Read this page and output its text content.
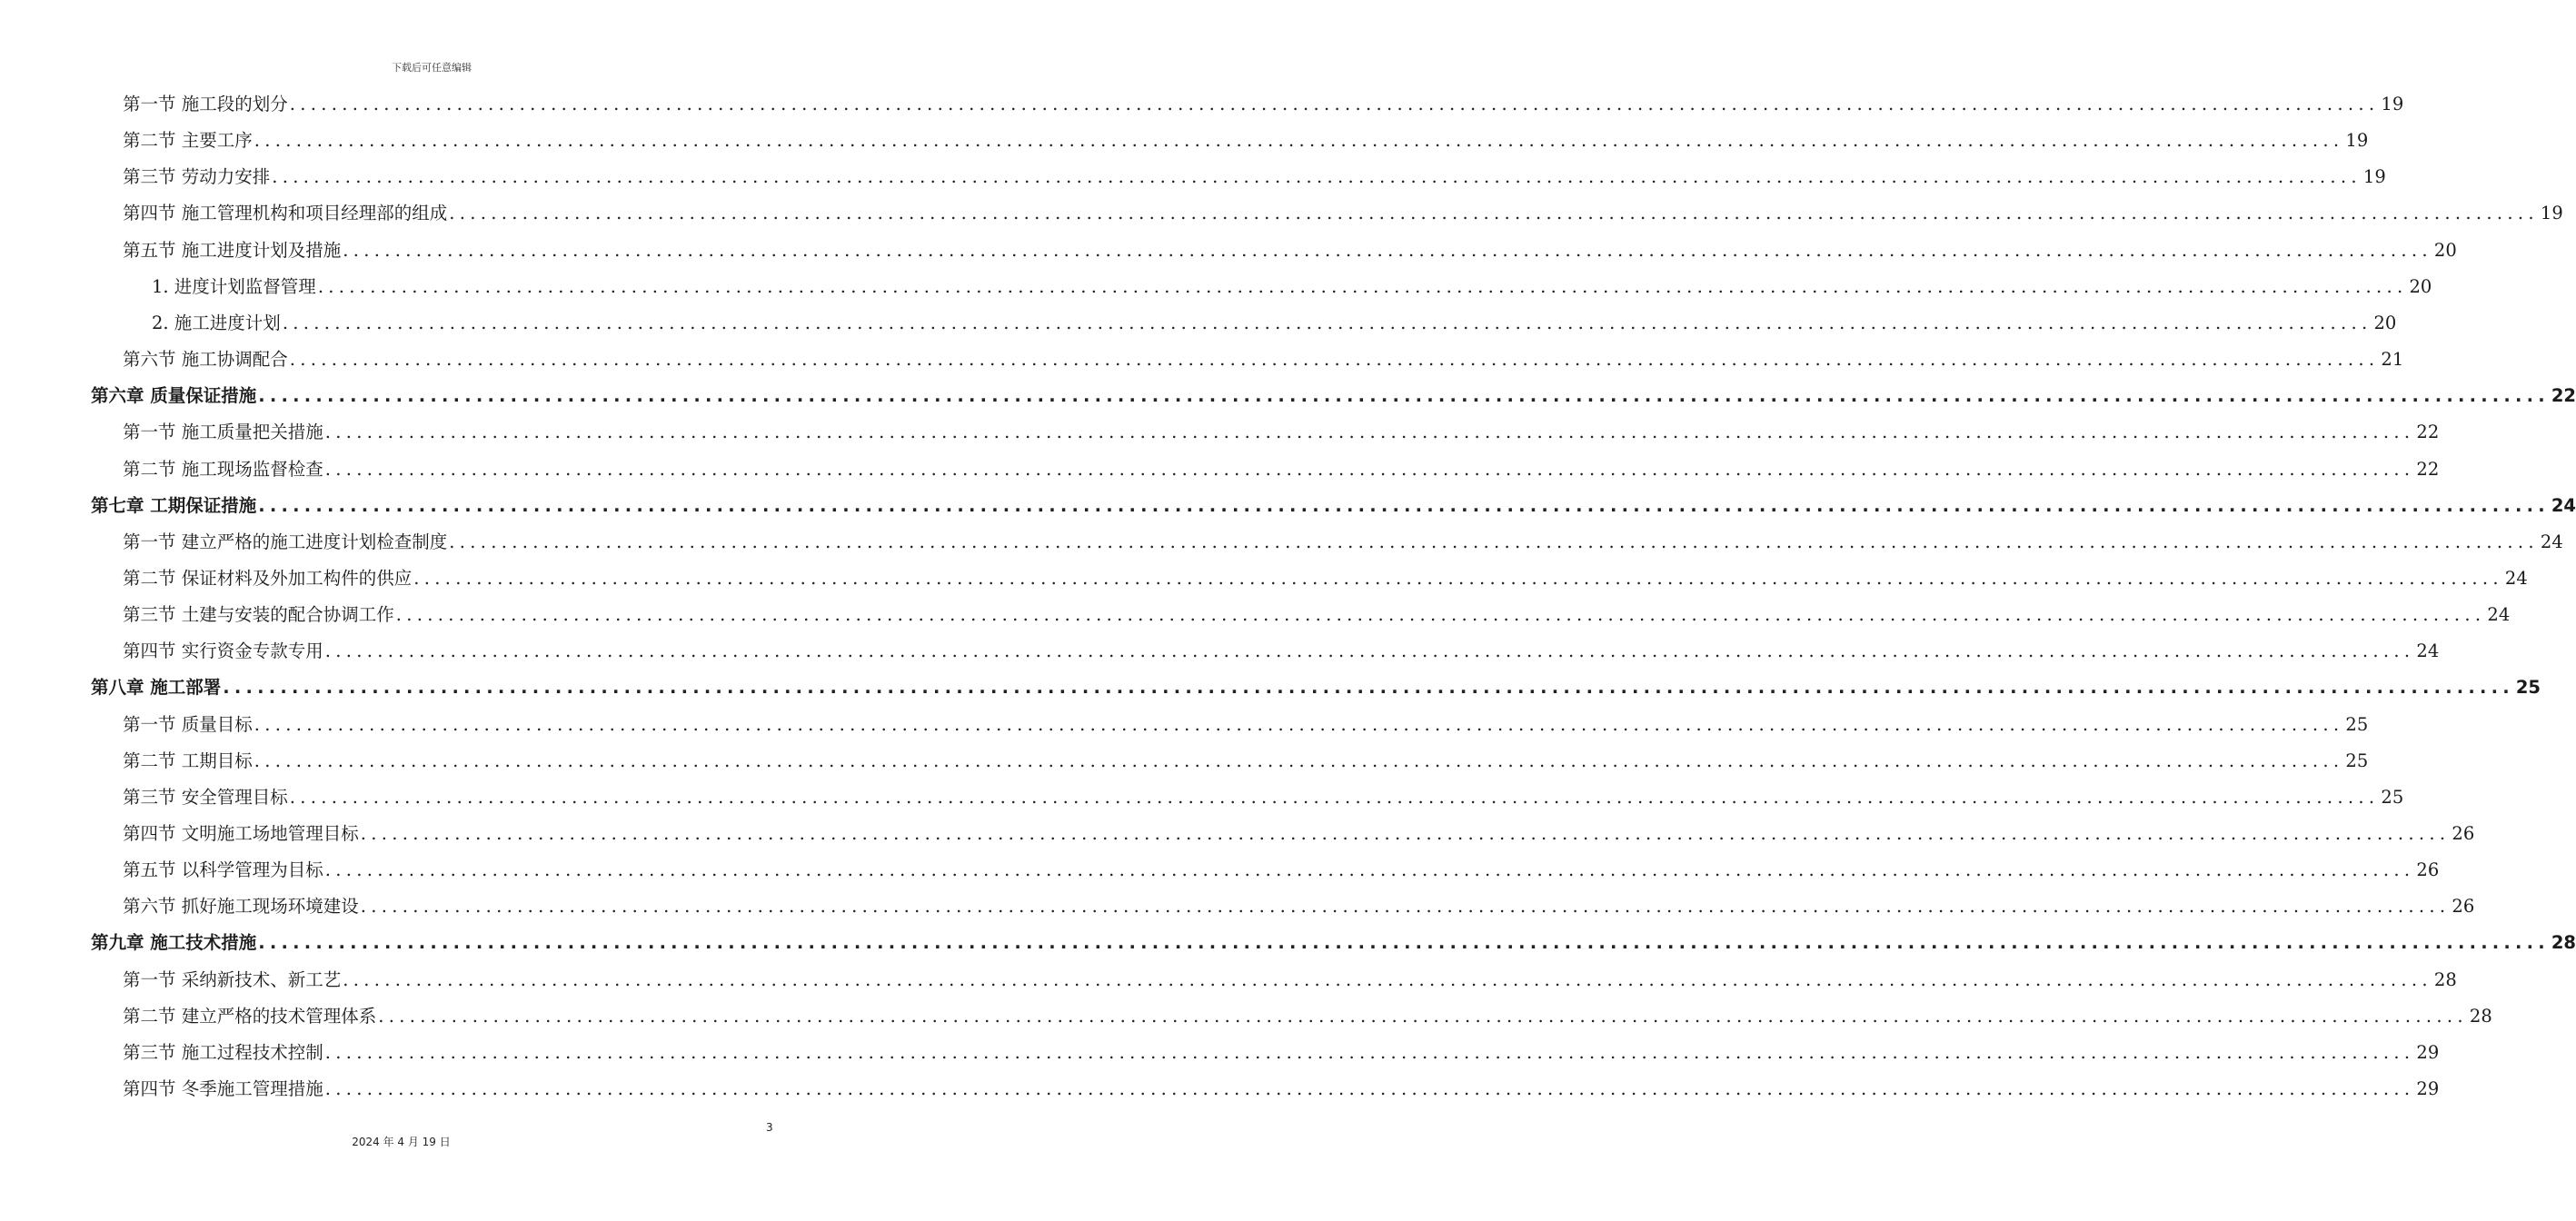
下载后可任意编辑
第一节 施工段的划分 ........................................................................................................................................................................................................ 19
第二节 主要工序 ........................................................................................................................................................................................................ 19
第三节 劳动力安排 ........................................................................................................................................................................................................ 19
第四节 施工管理机构和项目经理部的组成 ........................................................................................................................................................................................................ 19
第五节 施工进度计划及措施 ........................................................................................................................................................................................................ 20
1. 进度计划监督管理 ........................................................................................................................................................................................................ 20
2. 施工进度计划 ........................................................................................................................................................................................................ 20
第六节 施工协调配合 ........................................................................................................................................................................................................ 21
第六章 质量保证措施 ........................................................................................................................................................................................................ 22
第一节 施工质量把关措施 ........................................................................................................................................................................................................ 22
第二节 施工现场监督检查 ........................................................................................................................................................................................................ 22
第七章 工期保证措施 ........................................................................................................................................................................................................ 24
第一节 建立严格的施工进度计划检查制度 ........................................................................................................................................................................................................ 24
第二节 保证材料及外加工构件的供应 ........................................................................................................................................................................................................ 24
第三节 土建与安装的配合协调工作 ........................................................................................................................................................................................................ 24
第四节 实行资金专款专用 ........................................................................................................................................................................................................ 24
第八章 施工部署 ........................................................................................................................................................................................................ 25
第一节 质量目标 ........................................................................................................................................................................................................ 25
第二节 工期目标 ........................................................................................................................................................................................................ 25
第三节 安全管理目标 ........................................................................................................................................................................................................ 25
第四节 文明施工场地管理目标 ........................................................................................................................................................................................................ 26
第五节 以科学管理为目标 ........................................................................................................................................................................................................ 26
第六节 抓好施工现场环境建设 ........................................................................................................................................................................................................ 26
第九章 施工技术措施 ........................................................................................................................................................................................................ 28
第一节 采纳新技术、新工艺 ........................................................................................................................................................................................................ 28
第二节 建立严格的技术管理体系 ........................................................................................................................................................................................................ 28
第三节 施工过程技术控制 ........................................................................................................................................................................................................ 29
第四节 冬季施工管理措施 ........................................................................................................................................................................................................ 29
3
2024 年 4 月 19 日
